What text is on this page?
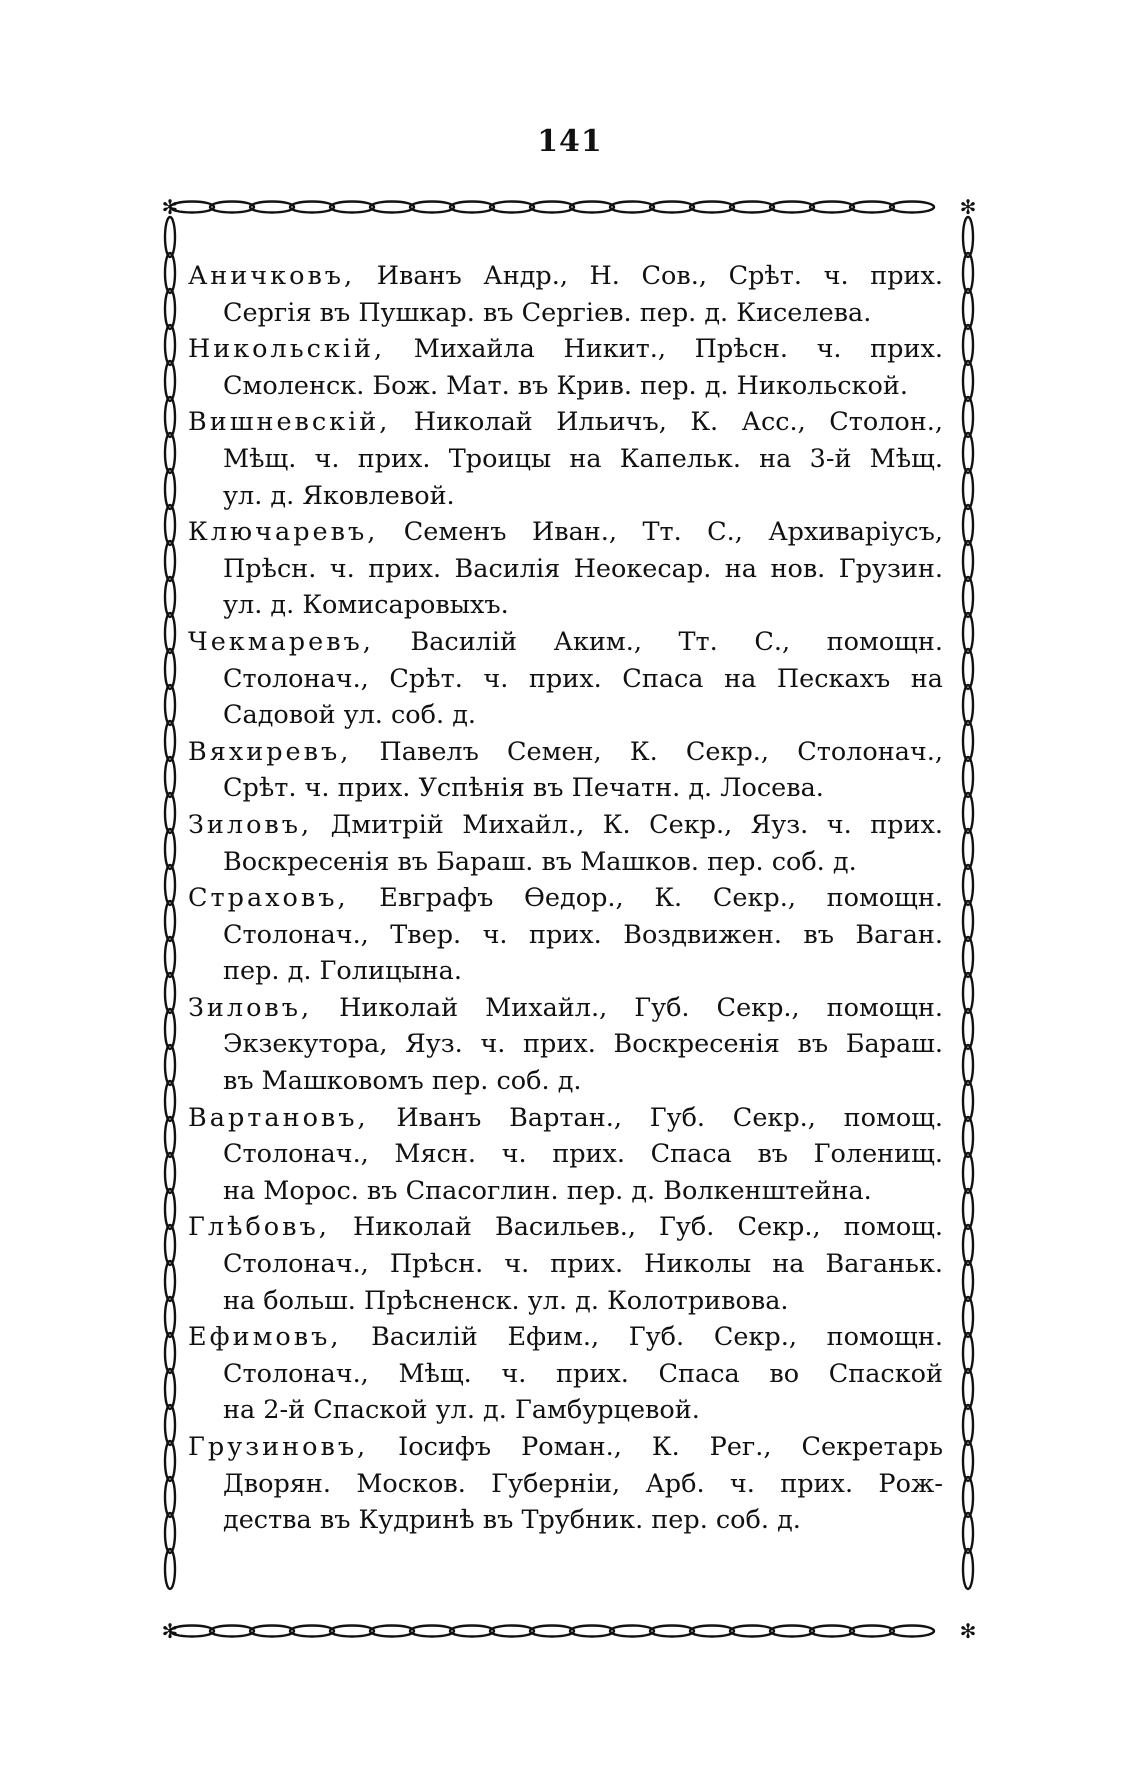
141
✻	✻
✻	✻
Аничковъ, Иванъ Андр., Н. Сов., Срѣт. ч. прих.
Сергія въ Пушкар. въ Сергіев. пер. д. Киселева.
Никольскій, Михайла Никит., Прѣсн. ч. прих.
Смоленск. Бож. Мат. въ Крив. пер. д. Никольской.
Вишневскій, Николай Ильичъ, К. Асс., Столон.,
Мѣщ. ч. прих. Троицы на Капельк. на 3-й Мѣщ.
ул. д. Яковлевой.
Ключаревъ, Семенъ Иван., Тт. С., Архиваріусъ,
Прѣсн. ч. прих. Василія Неокесар. на нов. Грузин.
ул. д. Комисаровыхъ.
Чекмаревъ, Василій Аким., Тт. С., помощн.
Столонач., Срѣт. ч. прих. Спаса на Пескахъ на
Садовой ул. соб. д.
Вяхиревъ, Павелъ Семен, К. Секр., Столонач.,
Срѣт. ч. прих. Успѣнія въ Печатн. д. Лосева.
Зиловъ, Дмитрій Михайл., К. Секр., Яуз. ч. прих.
Воскресенія въ Бараш. въ Машков. пер. соб. д.
Страховъ, Евграфъ Ѳедор., К. Секр., помощн.
Столонач., Твер. ч. прих. Воздвижен. въ Ваган.
пер. д. Голицына.
Зиловъ, Николай Михайл., Губ. Секр., помощн.
Экзекутора, Яуз. ч. прих. Воскресенія въ Бараш.
въ Машковомъ пер. соб. д.
Вартановъ, Иванъ Вартан., Губ. Секр., помощ.
Столонач., Мясн. ч. прих. Спаса въ Голенищ.
на Морос. въ Спасоглин. пер. д. Волкенштейна.
Глѣбовъ, Николай Васильев., Губ. Секр., помощ.
Столонач., Прѣсн. ч. прих. Николы на Ваганьк.
на больш. Прѣсненск. ул. д. Колотривова.
Ефимовъ, Василій Ефим., Губ. Секр., помощн.
Столонач., Мѣщ. ч. прих. Спаса во Спаской
на 2-й Спаской ул. д. Гамбурцевой.
Грузиновъ, Іосифъ Роман., К. Рег., Секретарь
Дворян. Москов. Губерніи, Арб. ч. прих. Рож-
дества въ Кудринѣ въ Трубник. пер. соб. д.
